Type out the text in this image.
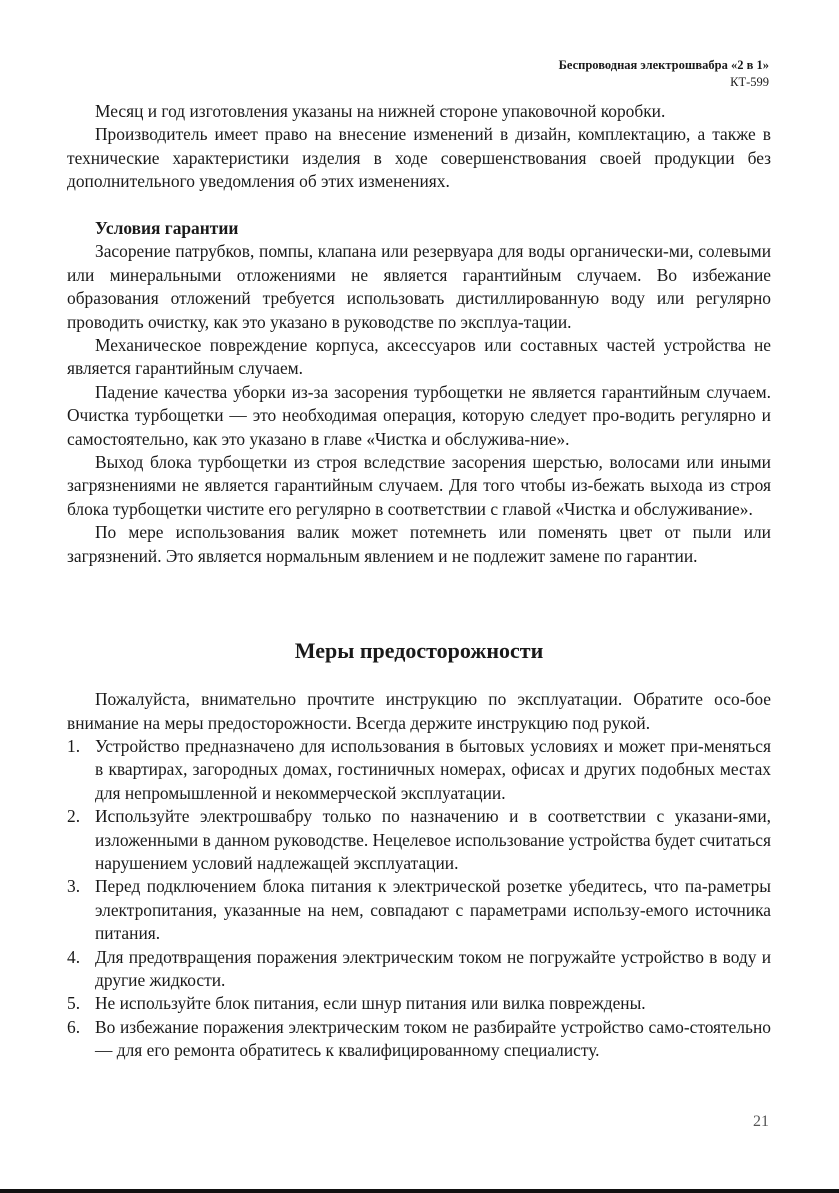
Беспроводная электрошвабра «2 в 1»
КТ-599

Месяц и год изготовления указаны на нижней стороне упаковочной коробки.

Производитель имеет право на внесение изменений в дизайн, комплектацию, а также в технические характеристики изделия в ходе совершенствования своей продукции без дополнительного уведомления об этих изменениях.

Условия гарантии

Засорение патрубков, помпы, клапана или резервуара для воды органически-ми, солевыми или минеральными отложениями не является гарантийным случаем. Во избежание образования отложений требуется использовать дистиллированную воду или регулярно проводить очистку, как это указано в руководстве по эксплуа-тации.

Механическое повреждение корпуса, аксессуаров или составных частей устройства не является гарантийным случаем.

Падение качества уборки из-за засорения турбощетки не является гарантийным случаем. Очистка турбощетки — это необходимая операция, которую следует про-водить регулярно и самостоятельно, как это указано в главе «Чистка и обслужива-ние».

Выход блока турбощетки из строя вследствие засорения шерстью, волосами или иными загрязнениями не является гарантийным случаем. Для того чтобы из-бежать выхода из строя блока турбощетки чистите его регулярно в соответствии с главой «Чистка и обслуживание».

По мере использования валик может потемнеть или поменять цвет от пыли или загрязнений. Это является нормальным явлением и не подлежит замене по гарантии.

Меры предосторожности

Пожалуйста, внимательно прочтите инструкцию по эксплуатации. Обратите осо-бое внимание на меры предосторожности. Всегда держите инструкцию под рукой.

1. Устройство предназначено для использования в бытовых условиях и может при-меняться в квартирах, загородных домах, гостиничных номерах, офисах и других подобных местах для непромышленной и некоммерческой эксплуатации.
2. Используйте электрошвабру только по назначению и в соответствии с указани-ями, изложенными в данном руководстве. Нецелевое использование устройства будет считаться нарушением условий надлежащей эксплуатации.
3. Перед подключением блока питания к электрической розетке убедитесь, что па-раметры электропитания, указанные на нем, совпадают с параметрами использу-емого источника питания.
4. Для предотвращения поражения электрическим током не погружайте устройство в воду и другие жидкости.
5. Не используйте блок питания, если шнур питания или вилка повреждены.
6. Во избежание поражения электрическим током не разбирайте устройство само-стоятельно — для его ремонта обратитесь к квалифицированному специалисту.
21
